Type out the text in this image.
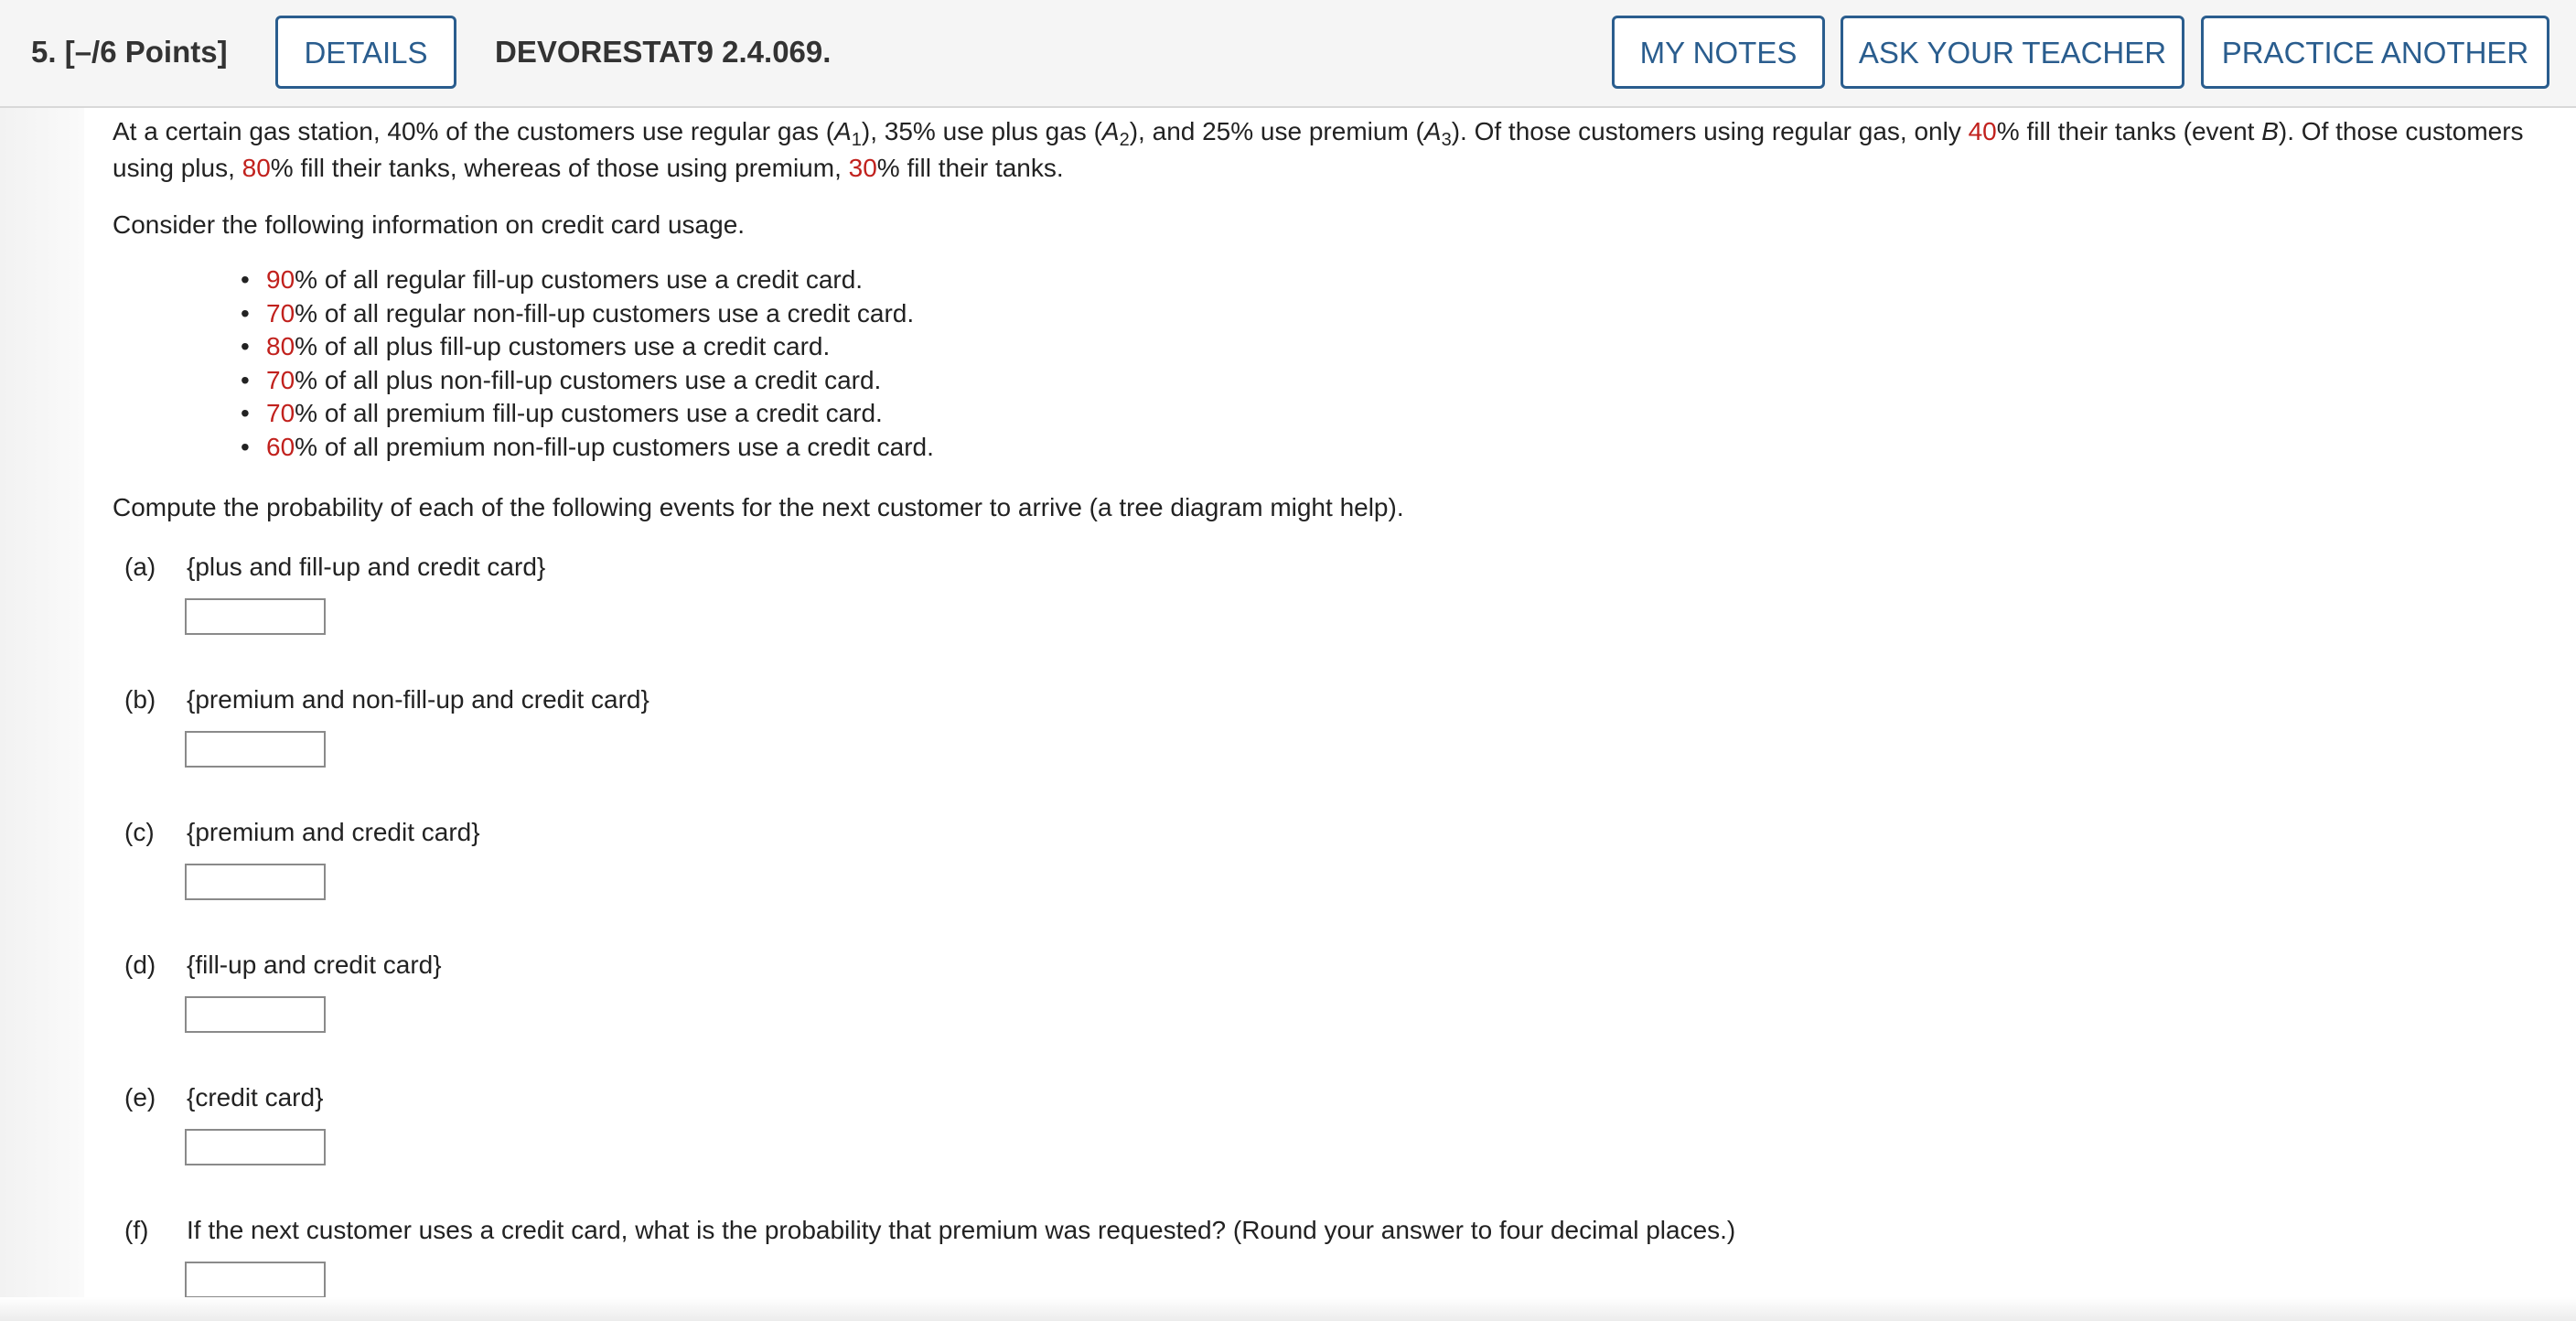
5. [–/6 Points]	DETAILS	DEVORESTAT9 2.4.069.	MY NOTES	ASK YOUR TEACHER	PRACTICE ANOTHER

At a certain gas station, 40% of the customers use regular gas $(A_1)$, 35% use plus gas $(A_2)$, and 25% use premium $(A_3)$. Of those customers using regular gas, only 40% fill their tanks (event B). Of those customers using plus, 80% fill their tanks, whereas of those using premium, 30% fill their tanks.

Consider the following information on credit card usage.

• 90% of all regular fill-up customers use a credit card.
• 70% of all regular non-fill-up customers use a credit card.
• 80% of all plus fill-up customers use a credit card.
• 70% of all plus non-fill-up customers use a credit card.
• 70% of all premium fill-up customers use a credit card.
• 60% of all premium non-fill-up customers use a credit card.

Compute the probability of each of the following events for the next customer to arrive (a tree diagram might help).

(a) {plus and fill-up and credit card}
(b) {premium and non-fill-up and credit card}
(c) {premium and credit card}
(d) {fill-up and credit card}
(e) {credit card}
(f) If the next customer uses a credit card, what is the probability that premium was requested? (Round your answer to four decimal places.)
